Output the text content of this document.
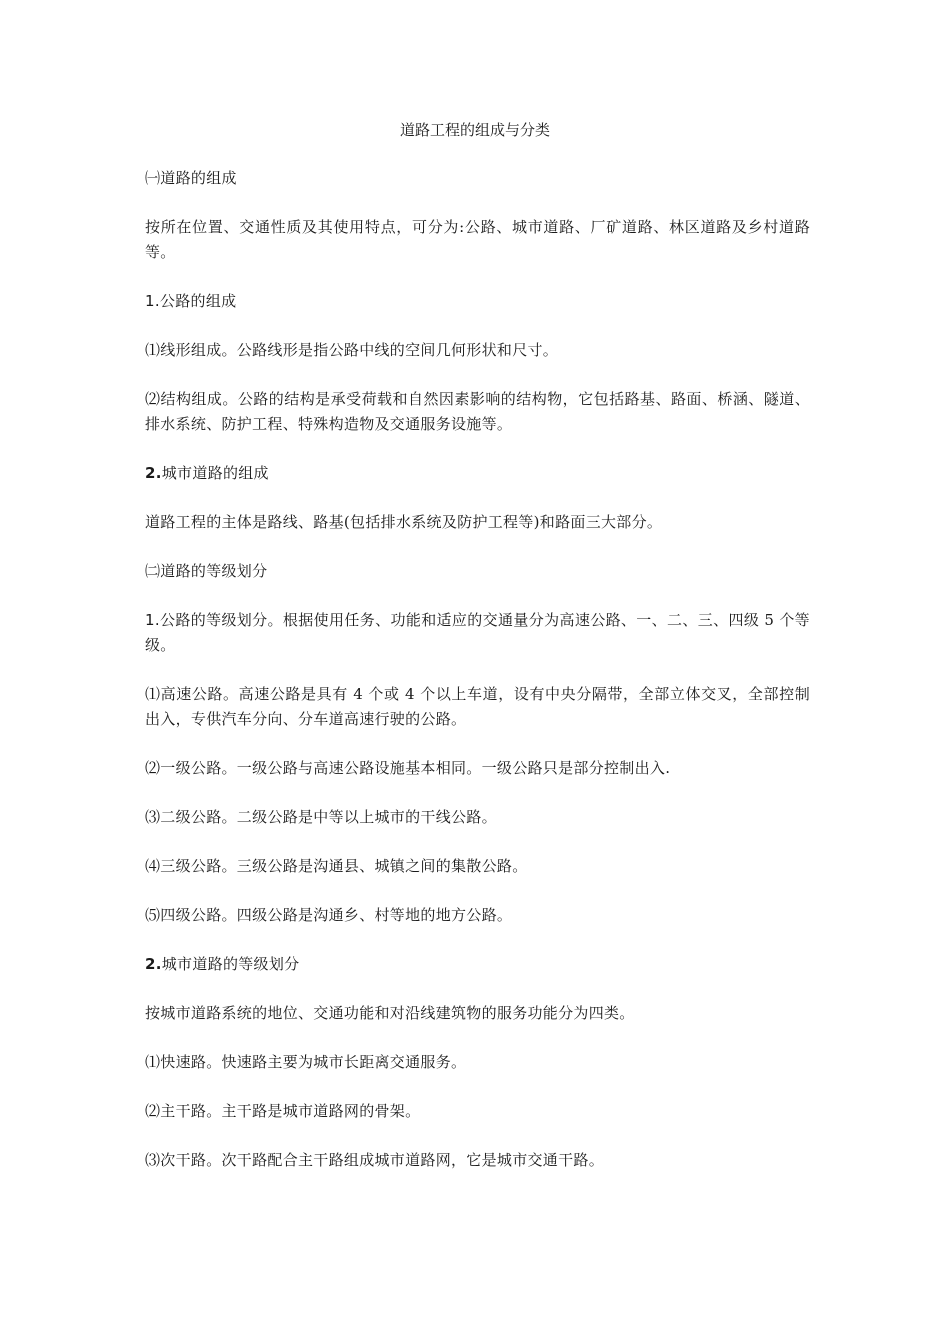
道路工程的组成与分类

㈠道路的组成

按所在位置、交通性质及其使用特点，可分为:公路、城市道路、厂矿道路、林区道路及乡村道路等。

1.公路的组成

⑴线形组成。公路线形是指公路中线的空间几何形状和尺寸。

⑵结构组成。公路的结构是承受荷载和自然因素影响的结构物，它包括路基、路面、桥涵、隧道、排水系统、防护工程、特殊构造物及交通服务设施等。

2.城市道路的组成

道路工程的主体是路线、路基(包括排水系统及防护工程等)和路面三大部分。

㈡道路的等级划分

1.公路的等级划分。根据使用任务、功能和适应的交通量分为高速公路、一、二、三、四级 5 个等级。

⑴高速公路。高速公路是具有 4 个或 4 个以上车道，设有中央分隔带，全部立体交叉，全部控制出入，专供汽车分向、分车道高速行驶的公路。

⑵一级公路。一级公路与高速公路设施基本相同。一级公路只是部分控制出入.

⑶二级公路。二级公路是中等以上城市的干线公路。

⑷三级公路。三级公路是沟通县、城镇之间的集散公路。

⑸四级公路。四级公路是沟通乡、村等地的地方公路。

2.城市道路的等级划分

按城市道路系统的地位、交通功能和对沿线建筑物的服务功能分为四类。

⑴快速路。快速路主要为城市长距离交通服务。

⑵主干路。主干路是城市道路网的骨架。

⑶次干路。次干路配合主干路组成城市道路网，它是城市交通干路。
